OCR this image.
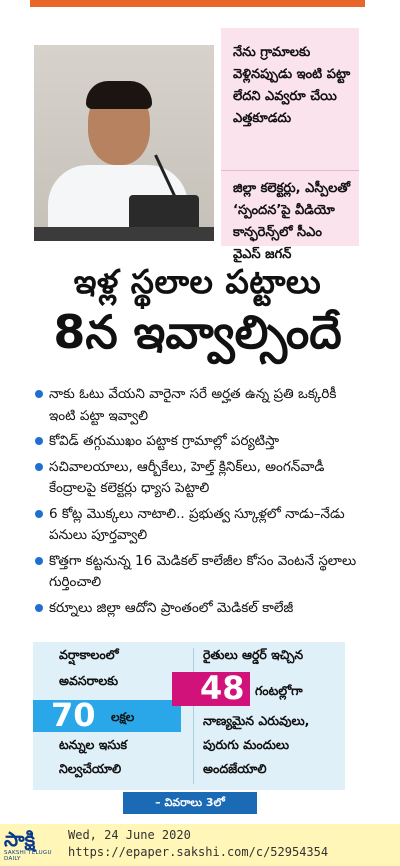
నేను గ్రామాలకు వెళ్లినప్పుడు ఇంటి పట్టా లేదని ఎవ్వరూ చేయి ఎత్తకూడదు

జిల్లా కలెక్టర్లు, ఎస్పీలతో ‘స్పందన’పై వీడియో కాన్ఫరెన్స్‌లో సీఎం వైఎస్‌ జగన్‌

ఇళ్ల స్థలాల పట్టాలు
8న ఇవ్వాల్సిందే
నాకు ఓటు వేయని వారైనా సరే అర్హత ఉన్న ప్రతి ఒక్కరికీ ఇంటి పట్టా ఇవ్వాలి
కోవిడ్‌ తగ్గుముఖం పట్టాక గ్రామాల్లో పర్యటిస్తా
సచివాలయాలు, ఆర్బీకేలు, హెల్త్‌ క్లినిక్‌లు, అంగన్‌వాడీ కేంద్రాలపై కలెక్టర్లు ధ్యాస పెట్టాలి
6 కోట్ల మొక్కలు నాటాలి.. ప్రభుత్వ స్కూళ్లలో నాడు–నేడు పనులు పూర్తవ్వాలి
కొత్తగా కట్టనున్న 16 మెడికల్‌ కాలేజీల కోసం వెంటనే స్థలాలు గుర్తించాలి
కర్నూలు జిల్లా ఆదోని ప్రాంతంలో మెడికల్‌ కాలేజీ
వర్షాకాలంలో
అవసరాలకు
70 లక్షల
టన్నుల ఇసుక
నిల్వచేయాలి
రైతులు ఆర్డర్‌ ఇచ్చిన
48 గంటల్లోగా
నాణ్యమైన ఎరువులు,
పురుగు మందులు
అందజేయాలి
– వివరాలు 3లో
సాక్షి
SAKSHI TELUGU DAILY
Wed, 24 June 2020
https://epaper.sakshi.com/c/52954354
